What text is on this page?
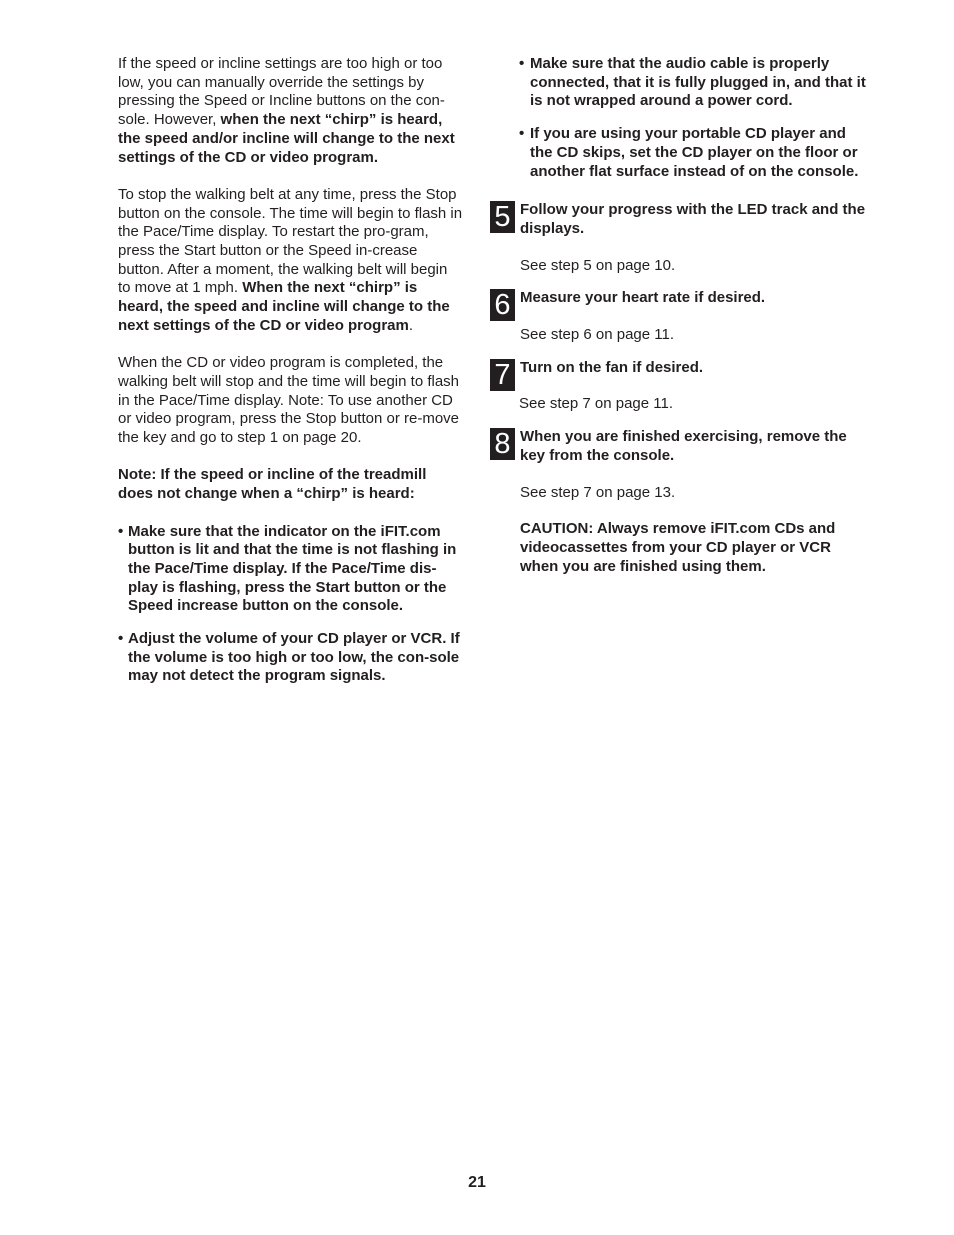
If the speed or incline settings are too high or too low, you can manually override the settings by pressing the Speed or Incline buttons on the con-sole. However, when the next “chirp” is heard, the speed and/or incline will change to the next settings of the CD or video program.

To stop the walking belt at any time, press the Stop button on the console. The time will begin to flash in the Pace/Time display. To restart the pro-gram, press the Start button or the Speed in-crease button. After a moment, the walking belt will begin to move at 1 mph. When the next “chirp” is heard, the speed and incline will change to the next settings of the CD or video program.

When the CD or video program is completed, the walking belt will stop and the time will begin to flash in the Pace/Time display. Note: To use another CD or video program, press the Stop button or re-move the key and go to step 1 on page 20.

Note: If the speed or incline of the treadmill does not change when a “chirp” is heard:

• Make sure that the indicator on the iFIT.com button is lit and that the time is not flashing in the Pace/Time display. If the Pace/Time dis-play is flashing, press the Start button or the Speed increase button on the console.
• Adjust the volume of your CD player or VCR. If the volume is too high or too low, the con-sole may not detect the program signals.
• Make sure that the audio cable is properly connected, that it is fully plugged in, and that it is not wrapped around a power cord.
• If you are using your portable CD player and the CD skips, set the CD player on the floor or another flat surface instead of on the console.
5 Follow your progress with the LED track and the displays.

See step 5 on page 10.

6 Measure your heart rate if desired.

See step 6 on page 11.

7 Turn on the fan if desired.

See step 7 on page 11.

8 When you are finished exercising, remove the key from the console.

See step 7 on page 13.

CAUTION: Always remove iFIT.com CDs and videocassettes from your CD player or VCR when you are finished using them.

21
